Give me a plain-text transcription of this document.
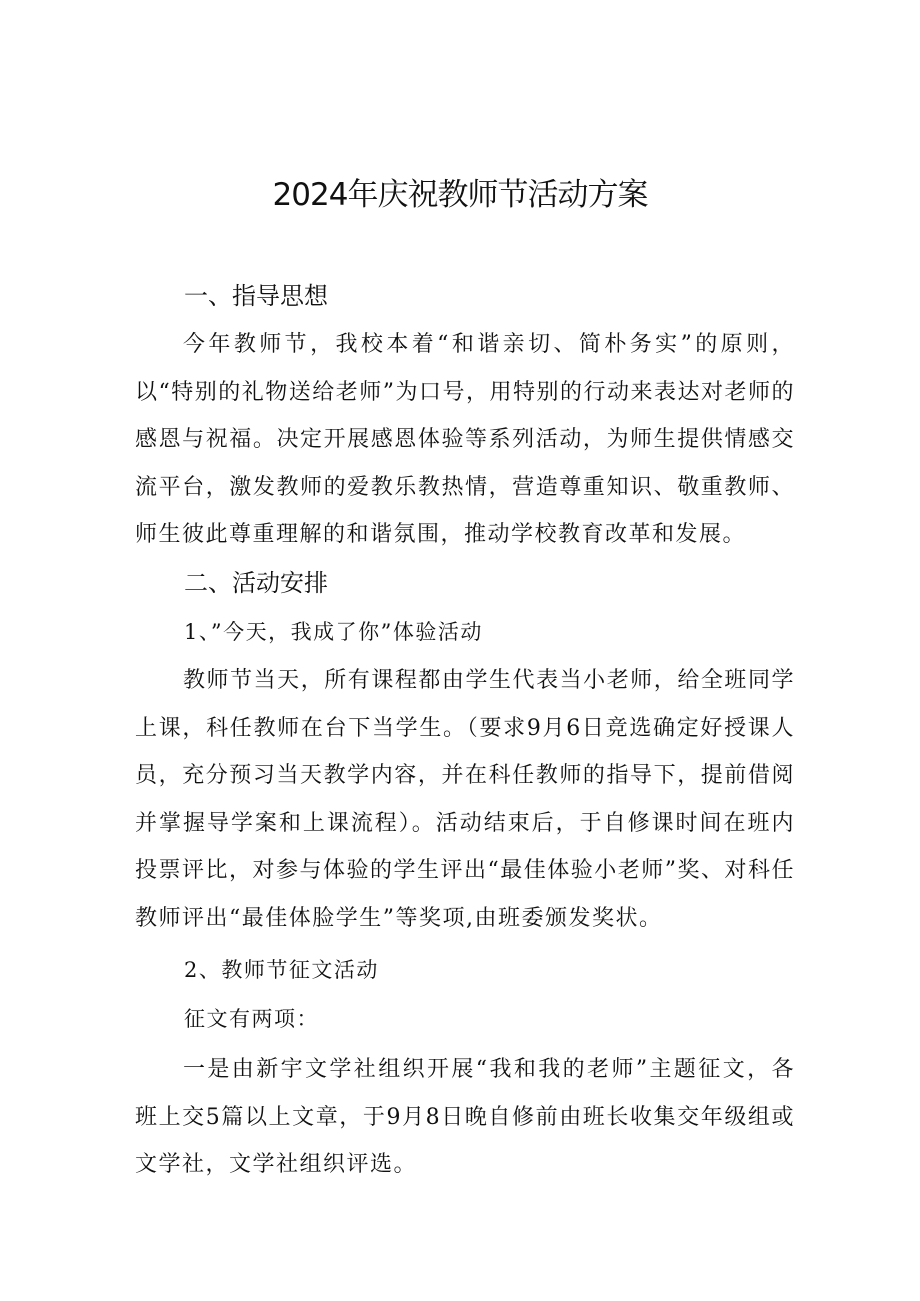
2024年庆祝教师节活动方案
一、指导思想

今年教师节，我校本着“和谐亲切、简朴务实”的原则，以“特别的礼物送给老师”为口号，用特别的行动来表达对老师的感恩与祝福。决定开展感恩体验等系列活动，为师生提供情感交流平台，激发教师的爱教乐教热情，营造尊重知识、敬重教师、师生彼此尊重理解的和谐氛围，推动学校教育改革和发展。

二、活动安排

1、”今天，我成了你”体验活动

教师节当天，所有课程都由学生代表当小老师，给全班同学上课，科任教师在台下当学生。（要求9月6日竞选确定好授课人员，充分预习当天教学内容，并在科任教师的指导下，提前借阅并掌握导学案和上课流程）。活动结束后，于自修课时间在班内投票评比，对参与体验的学生评出“最佳体验小老师”奖、对科任教师评出“最佳体脸学生”等奖项,由班委颁发奖状。

2、教师节征文活动

征文有两项：

一是由新宇文学社组织开展“我和我的老师”主题征文，各班上交5篇以上文章，于9月8日晚自修前由班长收集交年级组或文学社，文学社组织评选。
